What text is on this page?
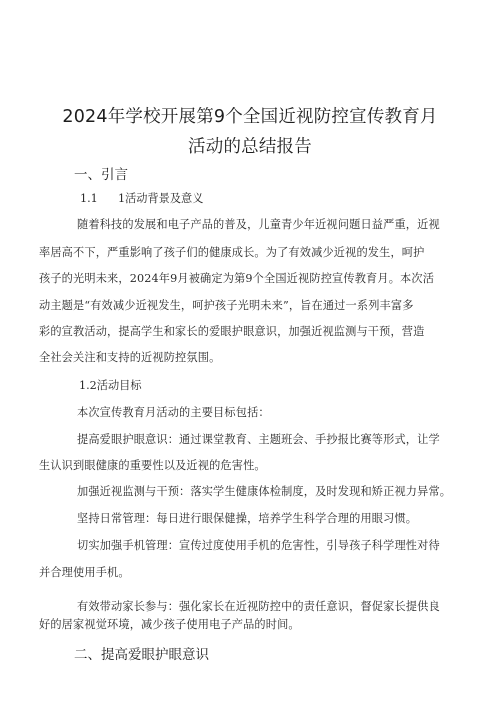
2024年学校开展第9个全国近视防控宣传教育月
活动的总结报告
一、引言
1.1 1活动背景及意义
随着科技的发展和电子产品的普及，儿童青少年近视问题日益严重，近视
率居高不下，严重影响了孩子们的健康成长。为了有效减少近视的发生，呵护
孩子的光明未来，2024年9月被确定为第9个全国近视防控宣传教育月。本次活
动主题是“有效减少近视发生，呵护孩子光明未来”，旨在通过一系列丰富多
彩的宣教活动，提高学生和家长的爱眼护眼意识，加强近视监测与干预，营造
全社会关注和支持的近视防控氛围。
1.2活动目标
本次宣传教育月活动的主要目标包括：
提高爱眼护眼意识：通过课堂教育、主题班会、手抄报比赛等形式，让学
生认识到眼健康的重要性以及近视的危害性。
加强近视监测与干预：落实学生健康体检制度，及时发现和矫正视力异常。
坚持日常管理：每日进行眼保健操，培养学生科学合理的用眼习惯。
切实加强手机管理：宣传过度使用手机的危害性，引导孩子科学理性对待
并合理使用手机。
有效带动家长参与：强化家长在近视防控中的责任意识，督促家长提供良
好的居家视觉环境，减少孩子使用电子产品的时间。
二、提高爱眼护眼意识
